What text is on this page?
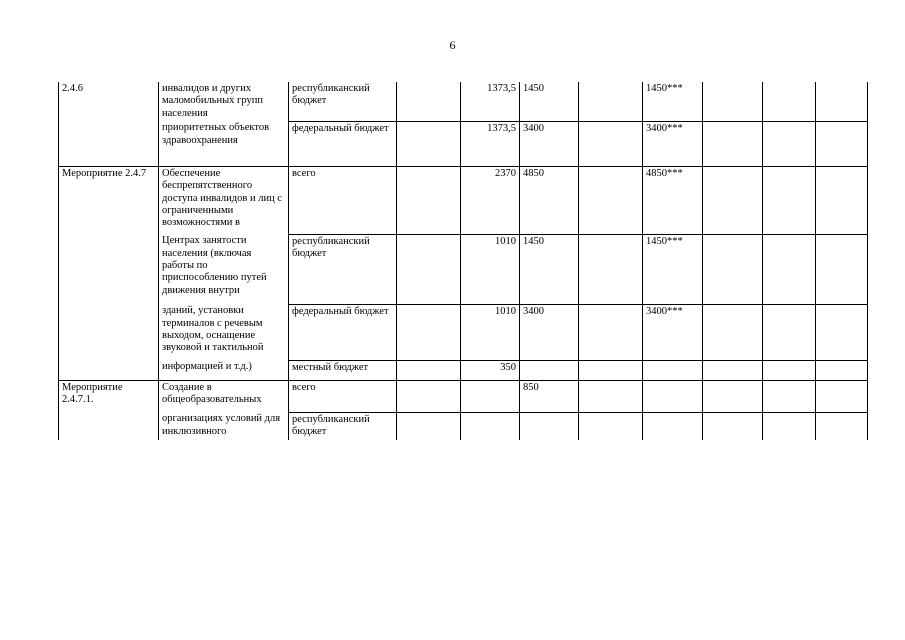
6
2.4.6	инвалидов и других маломобильных групп населения	республиканский бюджет		1373,5	1450		1450***			
	приоритетных объектов здравоохранения	федеральный бюджет		1373,5	3400		3400***			
Мероприятие 2.4.7	Обеспечение беспрепятственного доступа инвалидов и лиц с ограниченными возможностями в	всего		2370	4850		4850***			
	Центрах занятости населения (включая работы по приспособлению путей движения внутри	республиканский бюджет		1010	1450		1450***			
	зданий, установки терминалов с речевым выходом, оснащение звуковой и тактильной	федеральный бюджет		1010	3400		3400***			
	информацией и т.д.)	местный бюджет		350						
Мероприятие 2.4.7.1.	Создание в общеобразовательных	всего			850					
	организациях условий для инклюзивного	республиканский бюджет								
